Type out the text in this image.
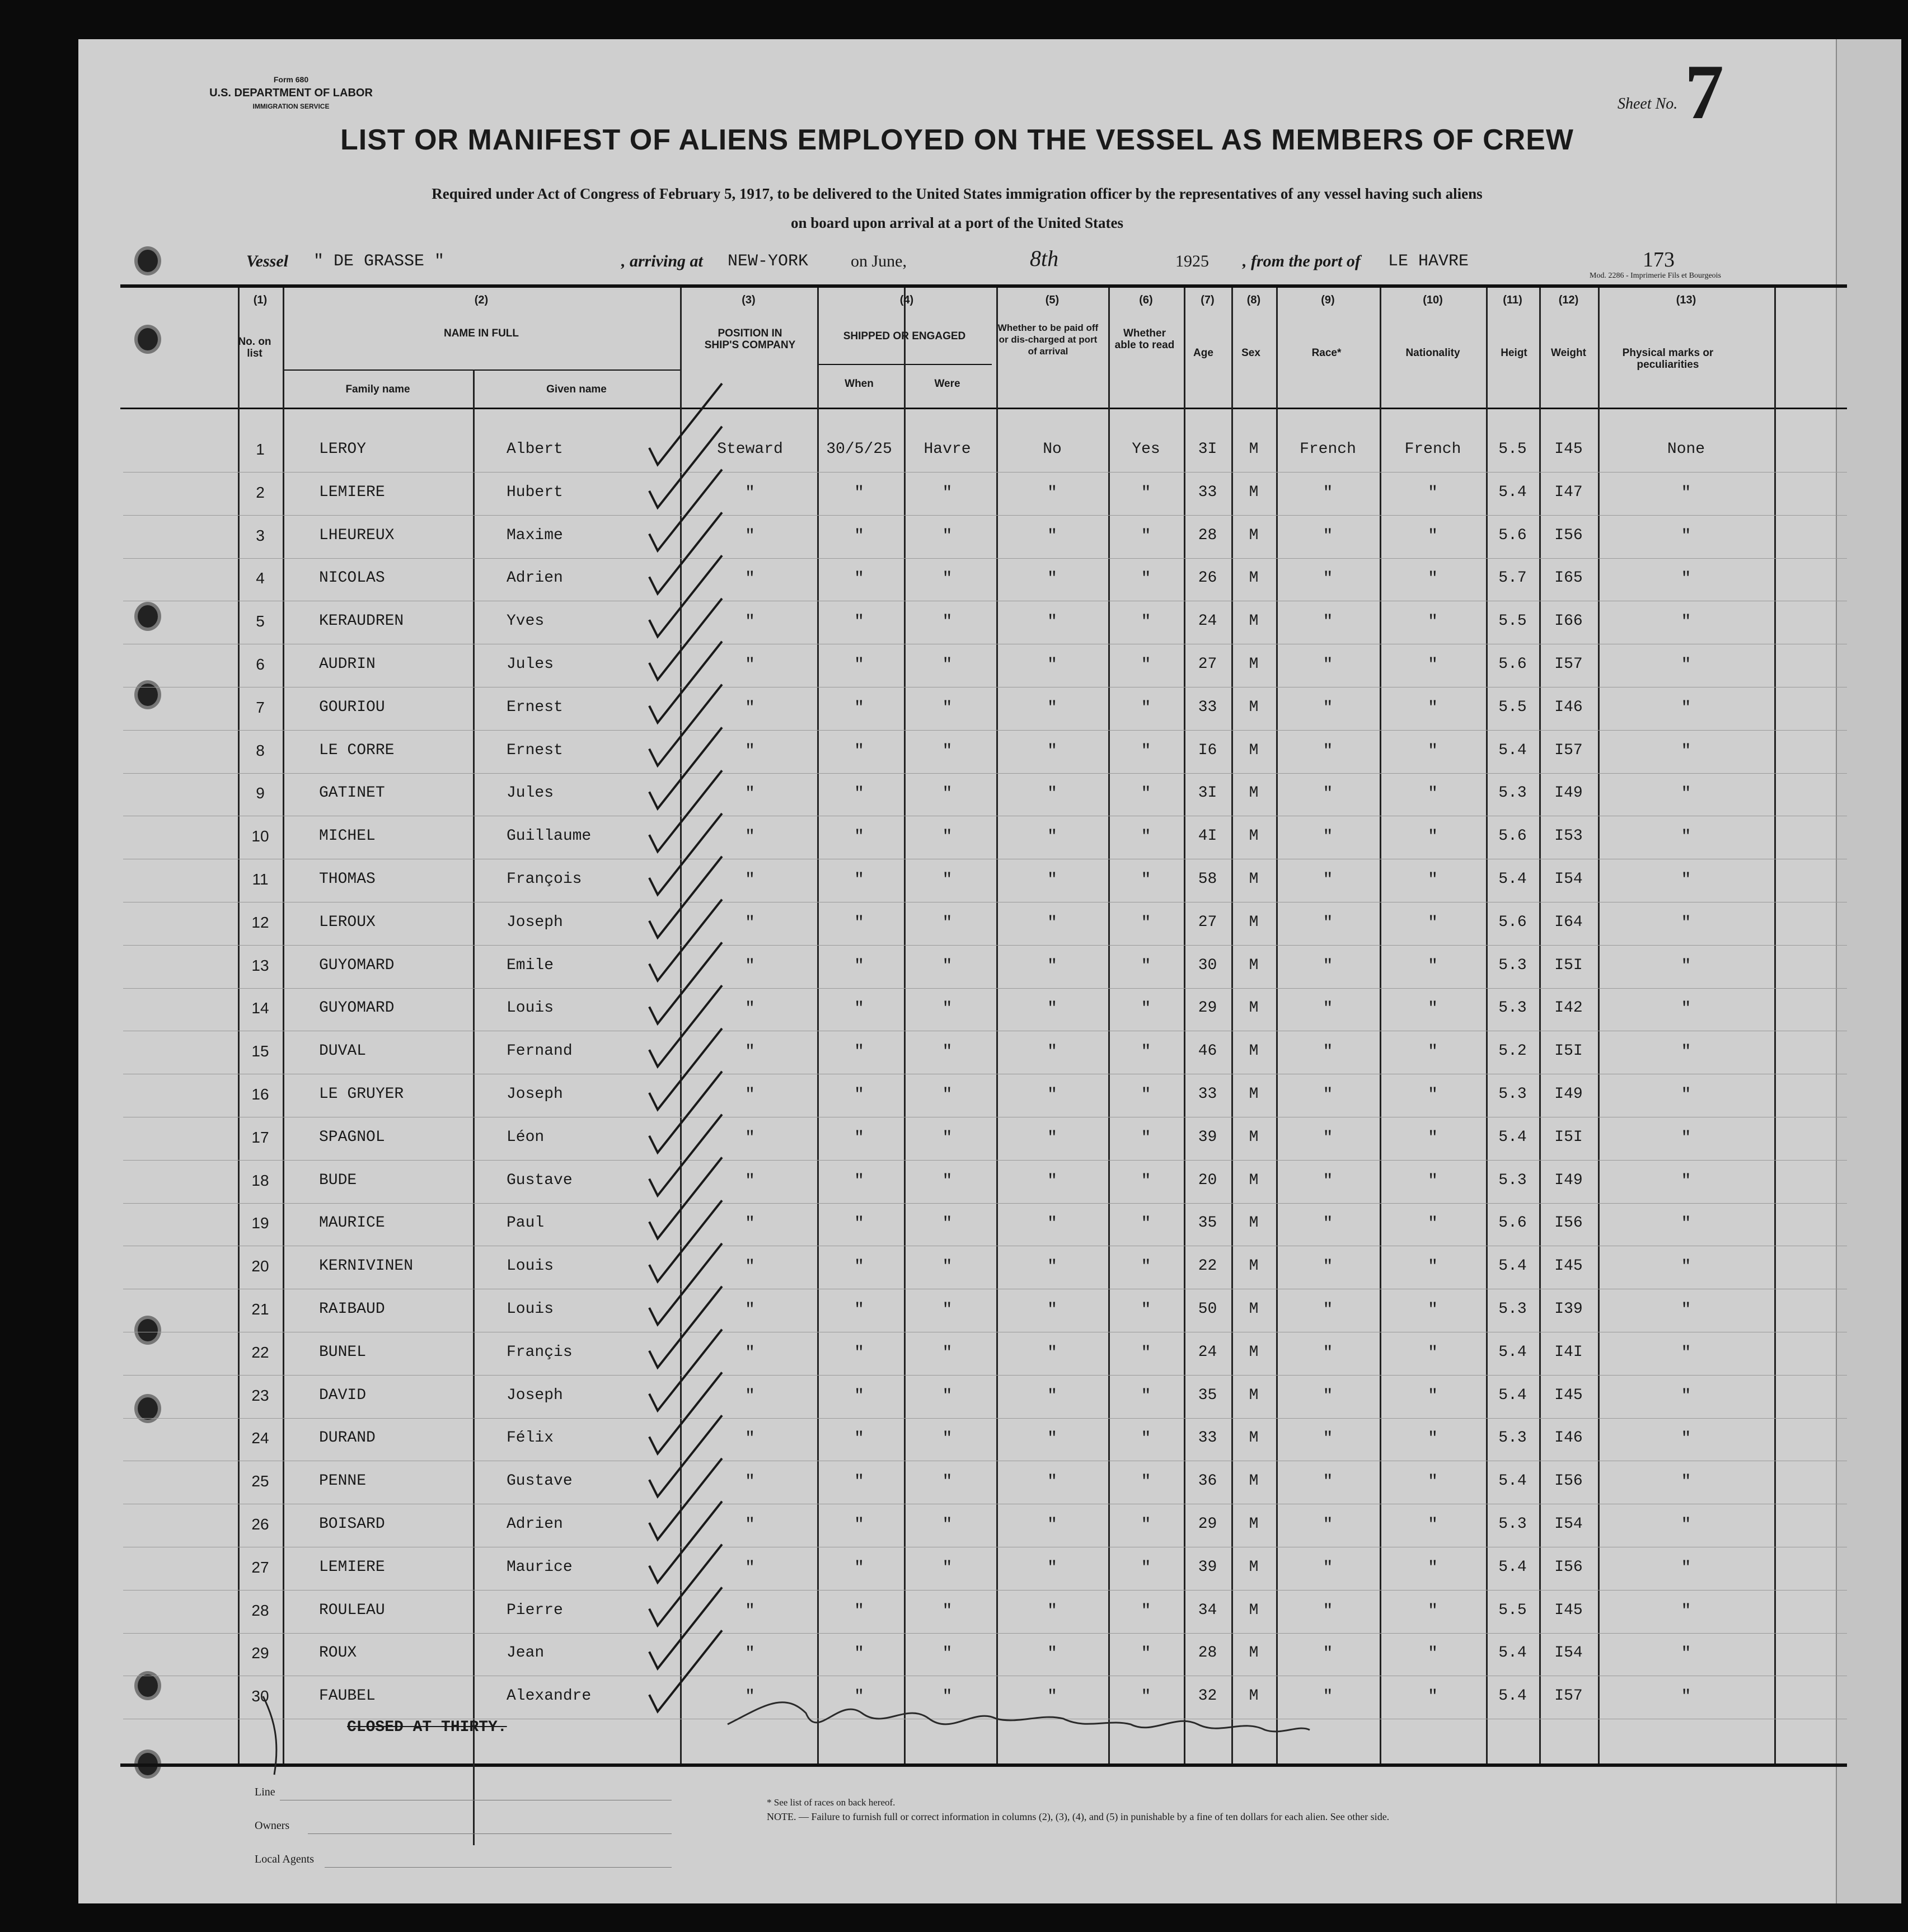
Form 680
U.S. DEPARTMENT OF LABOR
IMMIGRATION SERVICE	Sheet No. 7
LIST OR MANIFEST OF ALIENS EMPLOYED ON THE VESSEL AS MEMBERS OF CREW
Required under Act of Congress of February 5, 1917, to be delivered to the United States immigration officer by the representatives of any vessel having such aliens
on board upon arrival at a port of the United States
Vessel " DE GRASSE "	, arriving at NEW-YORK	on June,	8th	1925 , from the port of LE HAVRE	173
Mod. 2286 - Imprimerie Fils et Bourgeois
(1)	(2)	(3)	(4)	(5)	(6)	(7)	(8)	(9)	(10)	(11)	(12)	(13)
No. on list
NAME IN FULL
Family name	Given name
POSITION IN SHIP'S COMPANY
SHIPPED OR ENGAGED
When	Were
Whether to be paid off or dis-charged at port of arrival
Whether able to read
Age	Sex	Race*	Nationality	Heigt	Weight	Physical marks or peculiarities
1	LEROY	Albert	Steward	30/5/25	Havre	No	Yes	3I	M	French	French	5.5	I45	None
2	LEMIERE	Hubert	"	"	"	"	"	33	M	"	"	5.4	I47	"
3	LHEUREUX	Maxime	"	"	"	"	"	28	M	"	"	5.6	I56	"
4	NICOLAS	Adrien	"	"	"	"	"	26	M	"	"	5.7	I65	"
5	KERAUDREN	Yves	"	"	"	"	"	24	M	"	"	5.5	I66	"
6	AUDRIN	Jules	"	"	"	"	"	27	M	"	"	5.6	I57	"
7	GOURIOU	Ernest	"	"	"	"	"	33	M	"	"	5.5	I46	"
8	LE CORRE	Ernest	"	"	"	"	"	I6	M	"	"	5.4	I57	"
9	GATINET	Jules	"	"	"	"	"	3I	M	"	"	5.3	I49	"
10	MICHEL	Guillaume	"	"	"	"	"	4I	M	"	"	5.6	I53	"
11	THOMAS	François	"	"	"	"	"	58	M	"	"	5.4	I54	"
12	LEROUX	Joseph	"	"	"	"	"	27	M	"	"	5.6	I64	"
13	GUYOMARD	Emile	"	"	"	"	"	30	M	"	"	5.3	I5I	"
14	GUYOMARD	Louis	"	"	"	"	"	29	M	"	"	5.3	I42	"
15	DUVAL	Fernand	"	"	"	"	"	46	M	"	"	5.2	I5I	"
16	LE GRUYER	Joseph	"	"	"	"	"	33	M	"	"	5.3	I49	"
17	SPAGNOL	Léon	"	"	"	"	"	39	M	"	"	5.4	I5I	"
18	BUDE	Gustave	"	"	"	"	"	20	M	"	"	5.3	I49	"
19	MAURICE	Paul	"	"	"	"	"	35	M	"	"	5.6	I56	"
20	KERNIVINEN	Louis	"	"	"	"	"	22	M	"	"	5.4	I45	"
21	RAIBAUD	Louis	"	"	"	"	"	50	M	"	"	5.3	I39	"
22	BUNEL	Françis	"	"	"	"	"	24	M	"	"	5.4	I4I	"
23	DAVID	Joseph	"	"	"	"	"	35	M	"	"	5.4	I45	"
24	DURAND	Félix	"	"	"	"	"	33	M	"	"	5.3	I46	"
25	PENNE	Gustave	"	"	"	"	"	36	M	"	"	5.4	I56	"
26	BOISARD	Adrien	"	"	"	"	"	29	M	"	"	5.3	I54	"
27	LEMIERE	Maurice	"	"	"	"	"	39	M	"	"	5.4	I56	"
28	ROULEAU	Pierre	"	"	"	"	"	34	M	"	"	5.5	I45	"
29	ROUX	Jean	"	"	"	"	"	28	M	"	"	5.4	I54	"
30	FAUBEL	Alexandre	"	"	"	"	"	32	M	"	"	5.4	I57	"
CLOSED AT THIRTY.
Line
Owners
Local Agents
* See list of races on back hereof.
NOTE. — Failure to furnish full or correct information in columns (2), (3), (4), and (5) in punishable by a fine of ten dollars for each alien. See other side.
